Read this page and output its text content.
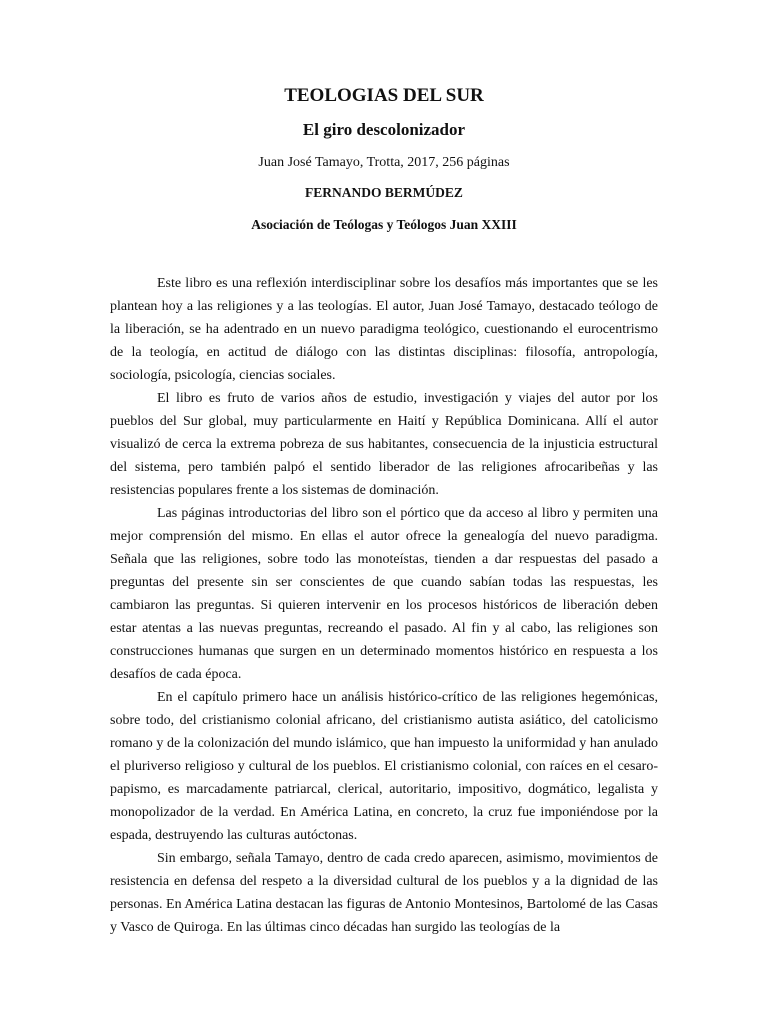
TEOLOGIAS DEL SUR
El giro descolonizador
Juan José Tamayo, Trotta, 2017, 256 páginas
FERNANDO BERMÚDEZ
Asociación de Teólogas y Teólogos Juan XXIII

Este libro es una reflexión interdisciplinar sobre los desafíos más importantes que se les plantean hoy a las religiones y a las teologías. El autor, Juan José Tamayo, destacado teólogo de la liberación, se ha adentrado en un nuevo paradigma teológico, cuestionando el eurocentrismo de la teología, en actitud de diálogo con las distintas disciplinas: filosofía, antropología, sociología, psicología, ciencias sociales.

El libro es fruto de varios años de estudio, investigación y viajes del autor por los pueblos del Sur global, muy particularmente en Haití y República Dominicana. Allí el autor visualizó de cerca la extrema pobreza de sus habitantes, consecuencia de la injusticia estructural del sistema, pero también palpó el sentido liberador de las religiones afrocaribeñas y las resistencias populares frente a los sistemas de dominación.

Las páginas introductorias del libro son el pórtico que da acceso al libro y permiten una mejor comprensión del mismo. En ellas el autor ofrece la genealogía del nuevo paradigma. Señala que las religiones, sobre todo las monoteístas, tienden a dar respuestas del pasado a preguntas del presente sin ser conscientes de que cuando sabían todas las respuestas, les cambiaron las preguntas. Si quieren intervenir en los procesos históricos de liberación deben estar atentas a las nuevas preguntas, recreando el pasado. Al fin y al cabo, las religiones son construcciones humanas que surgen en un determinado momentos histórico en respuesta a los desafíos de cada época.

En el capítulo primero hace un análisis histórico-crítico de las religiones hegemónicas, sobre todo, del cristianismo colonial africano, del cristianismo autista asiático, del catolicismo romano y de la colonización del mundo islámico, que han impuesto la uniformidad y han anulado el pluriverso religioso y cultural de los pueblos. El cristianismo colonial, con raíces en el cesaro-papismo, es marcadamente patriarcal, clerical, autoritario, impositivo, dogmático, legalista y monopolizador de la verdad. En América Latina, en concreto, la cruz fue imponiéndose por la espada, destruyendo las culturas autóctonas.

Sin embargo, señala Tamayo, dentro de cada credo aparecen, asimismo, movimientos de resistencia en defensa del respeto a la diversidad cultural de los pueblos y a la dignidad de las personas. En América Latina destacan las figuras de Antonio Montesinos, Bartolomé de las Casas y Vasco de Quiroga. En las últimas cinco décadas han surgido las teologías de la
